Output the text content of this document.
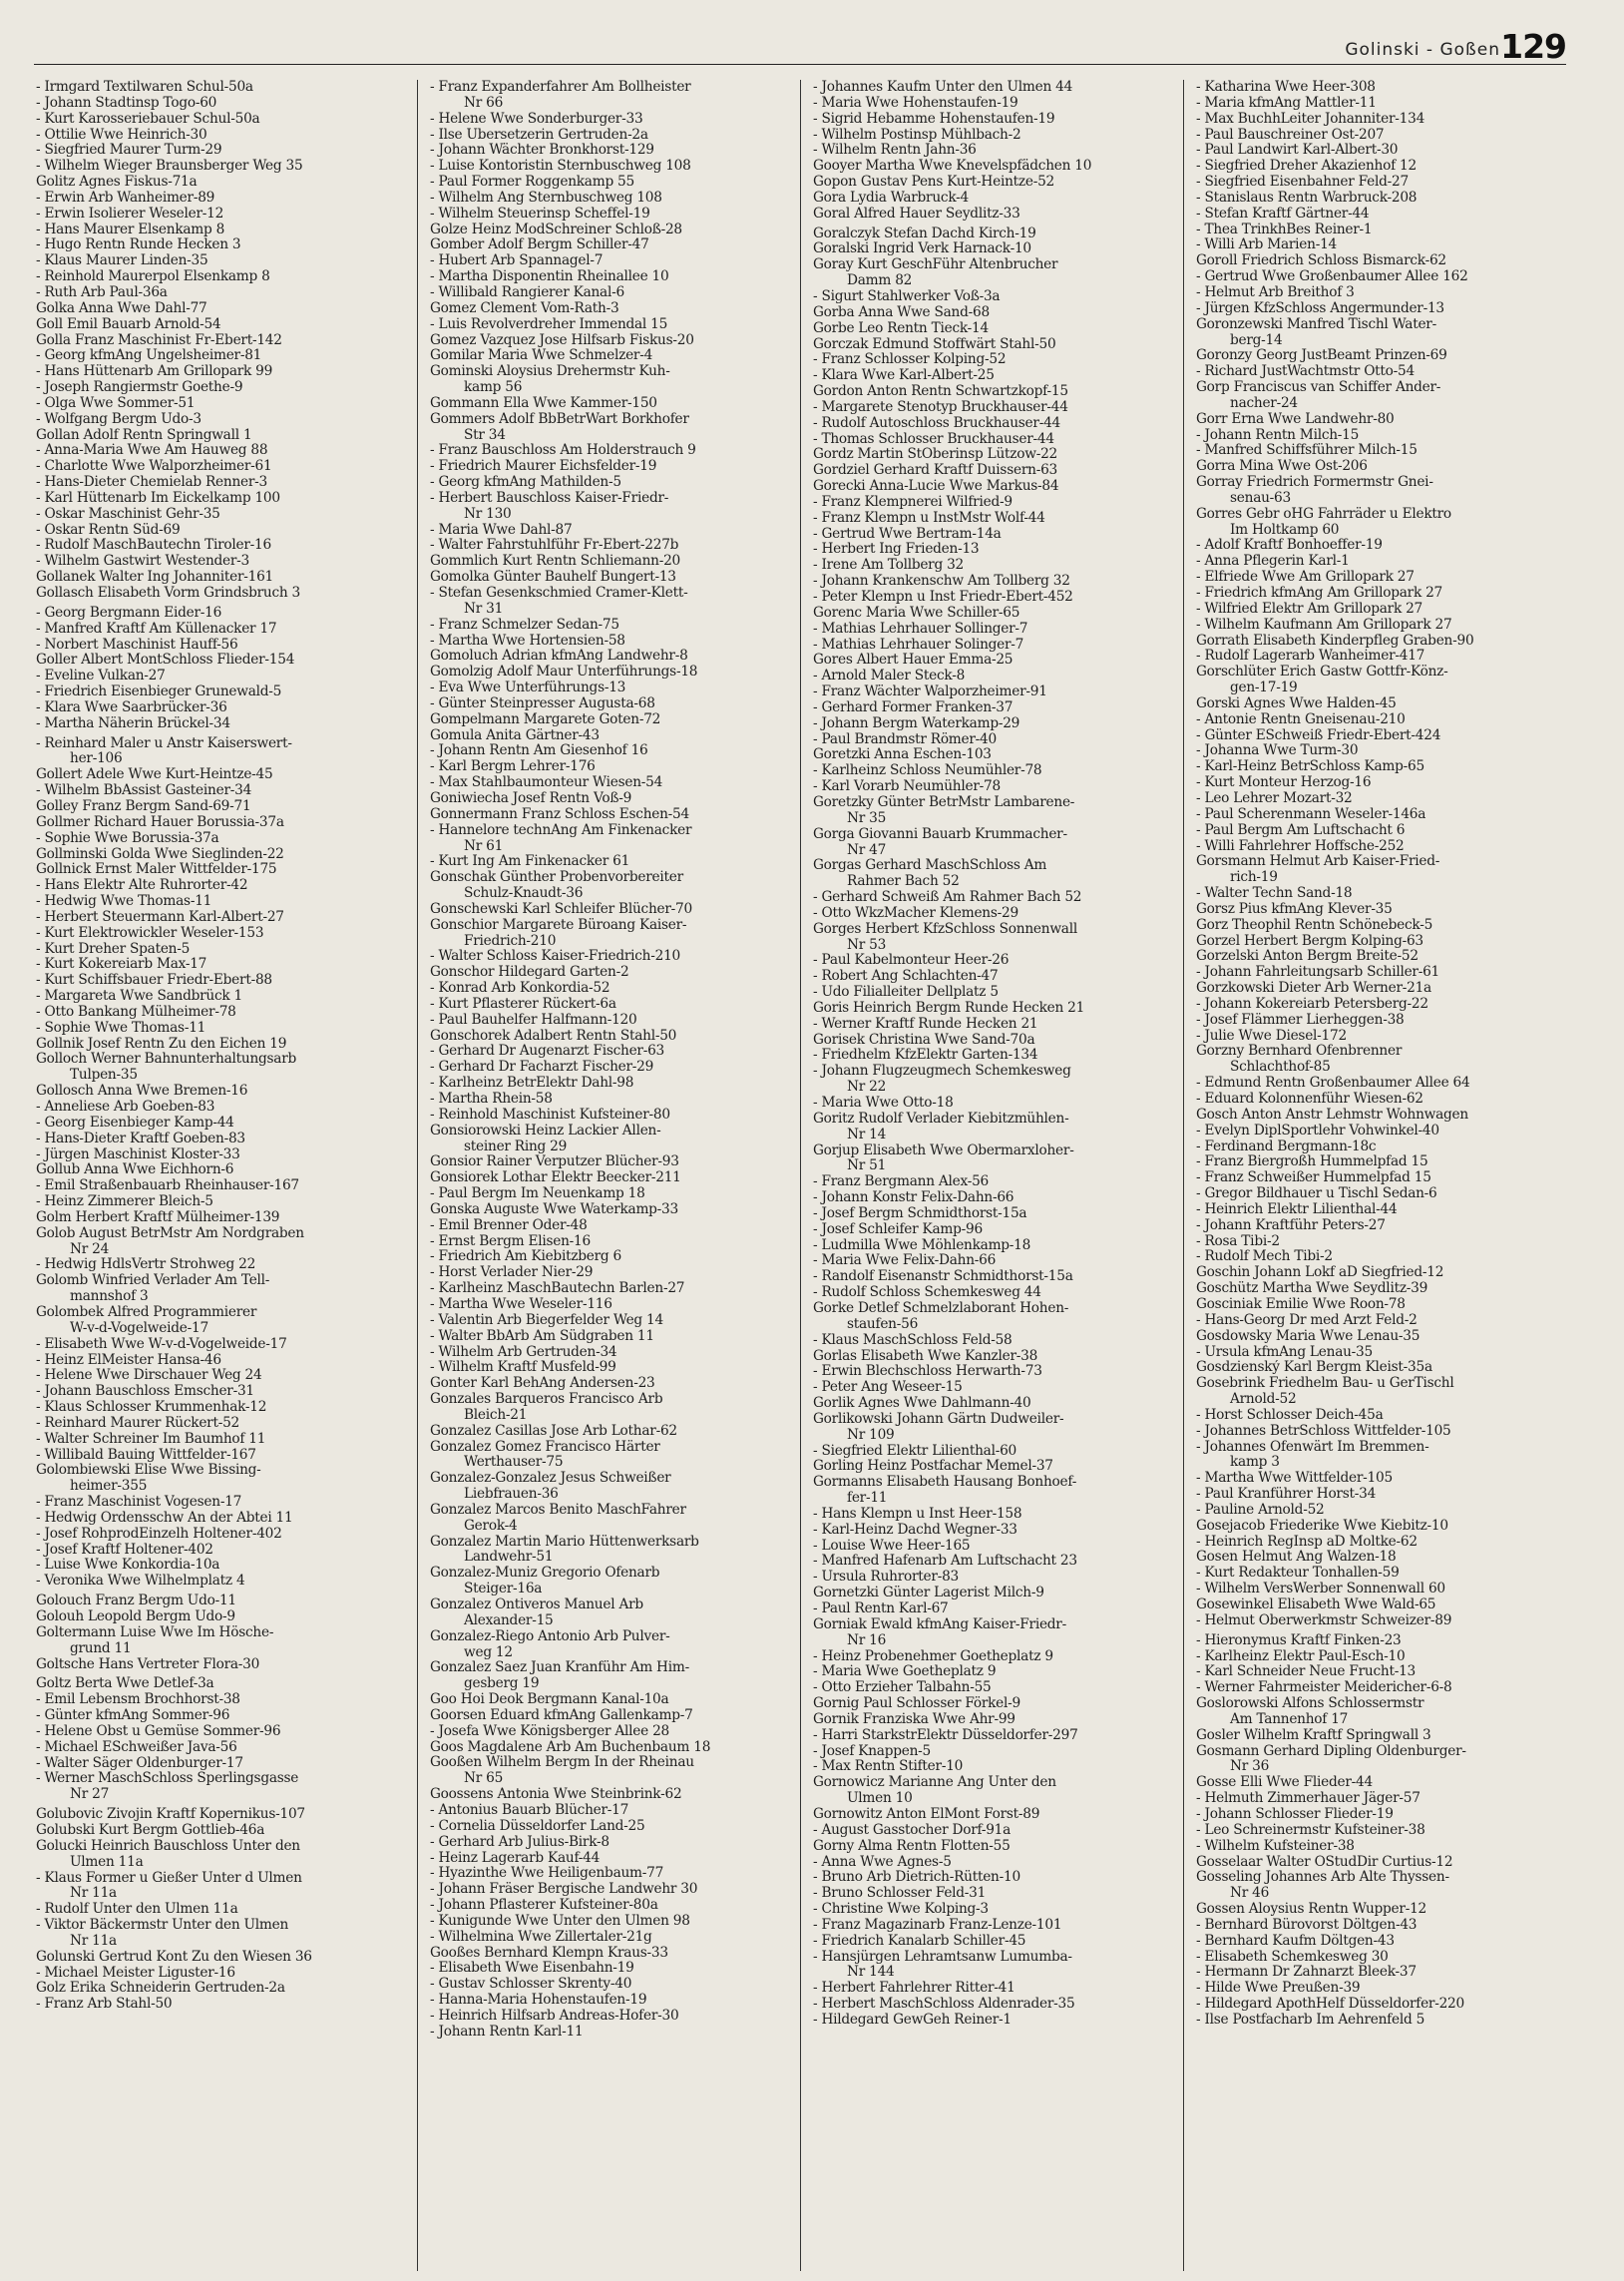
Golinski - Goßen 129
- Irmgard Textilwaren Schul-50a
- Johann Stadtinsp Togo-60
- Kurt Karosseriebauer Schul-50a
- Ottilie Wwe Heinrich-30
- Siegfried Maurer Turm-29
- Wilhelm Wieger Braunsberger Weg 35
Golitz Agnes Fiskus-71a
- Erwin Arb Wanheimer-89
- Erwin Isolierer Weseler-12
- Hans Maurer Elsenkamp 8
- Hugo Rentn Runde Hecken 3
- Klaus Maurer Linden-35
- Reinhold Maurerpol Elsenkamp 8
- Ruth Arb Paul-36a
Golka Anna Wwe Dahl-77
Goll Emil Bauarb Arnold-54
Golla Franz Maschinist Fr-Ebert-142
- Georg kfmAng Ungelsheimer-81
- Hans Hüttenarb Am Grillopark 99
- Joseph Rangiermstr Goethe-9
- Olga Wwe Sommer-51
- Wolfgang Bergm Udo-3
Gollan Adolf Rentn Springwall 1
- Anna-Maria Wwe Am Hauweg 88
- Charlotte Wwe Walporzheimer-61
- Hans-Dieter Chemielab Renner-3
- Karl Hüttenarb Im Eickelkamp 100
- Oskar Maschinist Gehr-35
- Oskar Rentn Süd-69
- Rudolf MaschBautechn Tiroler-16
- Wilhelm Gastwirt Westender-3
Gollanek Walter Ing Johanniter-161
Gollasch Elisabeth Vorm Grindsbruch 3
- Georg Bergmann Eider-16
- Manfred Kraftf Am Küllenacker 17
- Norbert Maschinist Hauff-56
Goller Albert MontSchloss Flieder-154
- Eveline Vulkan-27
- Friedrich Eisenbieger Grunewald-5
- Klara Wwe Saarbrücker-36
- Martha Näherin Brückel-34
- Reinhard Maler u Anstr Kaiserswert-
her-106
Gollert Adele Wwe Kurt-Heintze-45
- Wilhelm BbAssist Gasteiner-34
Golley Franz Bergm Sand-69-71
Gollmer Richard Hauer Borussia-37a
- Sophie Wwe Borussia-37a
Gollminski Golda Wwe Sieglinden-22
Gollnick Ernst Maler Wittfelder-175
- Hans Elektr Alte Ruhrorter-42
- Hedwig Wwe Thomas-11
- Herbert Steuermann Karl-Albert-27
- Kurt Elektrowickler Weseler-153
- Kurt Dreher Spaten-5
- Kurt Kokereiarb Max-17
- Kurt Schiffsbauer Friedr-Ebert-88
- Margareta Wwe Sandbrück 1
- Otto Bankang Mülheimer-78
- Sophie Wwe Thomas-11
Gollnik Josef Rentn Zu den Eichen 19
Golloch Werner Bahnunterhaltungsarb
Tulpen-35
Gollosch Anna Wwe Bremen-16
- Anneliese Arb Goeben-83
- Georg Eisenbieger Kamp-44
- Hans-Dieter Kraftf Goeben-83
- Jürgen Maschinist Kloster-33
Gollub Anna Wwe Eichhorn-6
- Emil Straßenbauarb Rheinhauser-167
- Heinz Zimmerer Bleich-5
Golm Herbert Kraftf Mülheimer-139
Golob August BetrMstr Am Nordgraben
Nr 24
- Hedwig HdlsVertr Strohweg 22
Golomb Winfried Verlader Am Tell-
mannshof 3
Golombek Alfred Programmierer
W-v-d-Vogelweide-17
- Elisabeth Wwe W-v-d-Vogelweide-17
- Heinz ElMeister Hansa-46
- Helene Wwe Dirschauer Weg 24
- Johann Bauschloss Emscher-31
- Klaus Schlosser Krummenhak-12
- Reinhard Maurer Rückert-52
- Walter Schreiner Im Baumhof 11
- Willibald Bauing Wittfelder-167
Golombiewski Elise Wwe Bissing-
heimer-355
- Franz Maschinist Vogesen-17
- Hedwig Ordensschw An der Abtei 11
- Josef RohprodEinzelh Holtener-402
- Josef Kraftf Holtener-402
- Luise Wwe Konkordia-10a
- Veronika Wwe Wilhelmplatz 4
Golouch Franz Bergm Udo-11
Golouh Leopold Bergm Udo-9
Goltermann Luise Wwe Im Hösche-
grund 11
Goltsche Hans Vertreter Flora-30
Goltz Berta Wwe Detlef-3a
- Emil Lebensm Brochhorst-38
- Günter kfmAng Sommer-96
- Helene Obst u Gemüse Sommer-96
- Michael ESchweißer Java-56
- Walter Säger Oldenburger-17
- Werner MaschSchloss Sperlingsgasse
Nr 27
Golubovic Zivojin Kraftf Kopernikus-107
Golubski Kurt Bergm Gottlieb-46a
Golucki Heinrich Bauschloss Unter den
Ulmen 11a
- Klaus Former u Gießer Unter d Ulmen
Nr 11a
- Rudolf Unter den Ulmen 11a
- Viktor Bäckermstr Unter den Ulmen
Nr 11a
Golunski Gertrud Kont Zu den Wiesen 36
- Michael Meister Liguster-16
Golz Erika Schneiderin Gertruden-2a
- Franz Arb Stahl-50
- Franz Expanderfahrer Am Bollheister
Nr 66
- Helene Wwe Sonderburger-33
- Ilse Übersetzerin Gertruden-2a
- Johann Wächter Bronkhorst-129
- Luise Kontoristin Sternbuschweg 108
- Paul Former Roggenkamp 55
- Wilhelm Ang Sternbuschweg 108
- Wilhelm Steuerinsp Scheffel-19
Golze Heinz ModSchreiner Schloß-28
Gomber Adolf Bergm Schiller-47
- Hubert Arb Spannagel-7
- Martha Disponentin Rheinallee 10
- Willibald Rangierer Kanal-6
Gomez Clement Vom-Rath-3
- Luis Revolverdreher Immendal 15
Gomez Vazquez Jose Hilfsarb Fiskus-20
Gomilar Maria Wwe Schmelzer-4
Gominski Aloysius Drehermstr Kuh-
kamp 56
Gommann Ella Wwe Kammer-150
Gommers Adolf BbBetrWart Borkhofer
Str 34
- Franz Bauschloss Am Holderstrauch 9
- Friedrich Maurer Eichsfelder-19
- Georg kfmAng Mathilden-5
- Herbert Bauschloss Kaiser-Friedr-
Nr 130
- Maria Wwe Dahl-87
- Walter Fahrstuhlführ Fr-Ebert-227b
Gommlich Kurt Rentn Schliemann-20
Gomolka Günter Bauhelf Bungert-13
- Stefan Gesenkschmied Cramer-Klett-
Nr 31
- Franz Schmelzer Sedan-75
- Martha Wwe Hortensien-58
Gomoluch Adrian kfmAng Landwehr-8
Gomolzig Adolf Maur Unterführungs-18
- Eva Wwe Unterführungs-13
- Günter Steinpresser Augusta-68
Gompelmann Margarete Goten-72
Gomula Anita Gärtner-43
- Johann Rentn Am Giesenhof 16
- Karl Bergm Lehrer-176
- Max Stahlbaumonteur Wiesen-54
Goniwiecha Josef Rentn Voß-9
Gonnermann Franz Schloss Eschen-54
- Hannelore technAng Am Finkenacker
Nr 61
- Kurt Ing Am Finkenacker 61
Gonschak Günther Probenvorbereiter
Schulz-Knaudt-36
Gonschewski Karl Schleifer Blücher-70
Gonschior Margarete Büroang Kaiser-
Friedrich-210
- Walter Schloss Kaiser-Friedrich-210
Gonschor Hildegard Garten-2
- Konrad Arb Konkordia-52
- Kurt Pflasterer Rückert-6a
- Paul Bauhelfer Halfmann-120
Gonschorek Adalbert Rentn Stahl-50
- Gerhard Dr Augenarzt Fischer-63
- Gerhard Dr Facharzt Fischer-29
- Karlheinz BetrElektr Dahl-98
- Martha Rhein-58
- Reinhold Maschinist Kufsteiner-80
Gonsiorowski Heinz Lackier Allen-
steiner Ring 29
Gonsior Rainer Verputzer Blücher-93
Gonsiorek Lothar Elektr Beecker-211
- Paul Bergm Im Neuenkamp 18
Gonska Auguste Wwe Waterkamp-33
- Emil Brenner Oder-48
- Ernst Bergm Elisen-16
- Friedrich Am Kiebitzberg 6
- Horst Verlader Nier-29
- Karlheinz MaschBautechn Barlen-27
- Martha Wwe Weseler-116
- Valentin Arb Biegerfelder Weg 14
- Walter BbArb Am Südgraben 11
- Wilhelm Arb Gertruden-34
- Wilhelm Kraftf Musfeld-99
Gonter Karl BehAng Andersen-23
Gonzales Barqueros Francisco Arb
Bleich-21
Gonzalez Casillas Jose Arb Lothar-62
Gonzalez Gomez Francisco Härter
Werthauser-75
Gonzalez-Gonzalez Jesus Schweißer
Liebfrauen-36
Gonzalez Marcos Benito MaschFahrer
Gerok-4
Gonzalez Martin Mario Hüttenwerksarb
Landwehr-51
Gonzalez-Muniz Gregorio Ofenarb
Steiger-16a
Gonzalez Ontiveros Manuel Arb
Alexander-15
Gonzalez-Riego Antonio Arb Pulver-
weg 12
Gonzalez Saez Juan Kranführ Am Him-
gesberg 19
Goo Hoi Deok Bergmann Kanal-10a
Goorsen Eduard kfmAng Gallenkamp-7
- Josefa Wwe Königsberger Allee 28
Goos Magdalene Arb Am Buchenbaum 18
Gooßen Wilhelm Bergm In der Rheinau
Nr 65
Goossens Antonia Wwe Steinbrink-62
- Antonius Bauarb Blücher-17
- Cornelia Düsseldorfer Land-25
- Gerhard Arb Julius-Birk-8
- Heinz Lagerarb Kauf-44
- Hyazinthe Wwe Heiligenbaum-77
- Johann Fräser Bergische Landwehr 30
- Johann Pflasterer Kufsteiner-80a
- Kunigunde Wwe Unter den Ulmen 98
- Wilhelmina Wwe Zillertaler-21g
Gooßes Bernhard Klempn Kraus-33
- Elisabeth Wwe Eisenbahn-19
- Gustav Schlosser Skrenty-40
- Hanna-Maria Hohenstaufen-19
- Heinrich Hilfsarb Andreas-Hofer-30
- Johann Rentn Karl-11
- Johannes Kaufm Unter den Ulmen 44
- Maria Wwe Hohenstaufen-19
- Sigrid Hebamme Hohenstaufen-19
- Wilhelm Postinsp Mühlbach-2
- Wilhelm Rentn Jahn-36
Gooyer Martha Wwe Knevelspfädchen 10
Gopon Gustav Pens Kurt-Heintze-52
Gora Lydia Warbruck-4
Goral Alfred Hauer Seydlitz-33
Goralczyk Stefan Dachd Kirch-19
Goralski Ingrid Verk Harnack-10
Goray Kurt GeschFühr Altenbrucher
Damm 82
- Sigurt Stahlwerker Voß-3a
Gorba Anna Wwe Sand-68
Gorbe Leo Rentn Tieck-14
Gorczak Edmund Stoffwärt Stahl-50
- Franz Schlosser Kolping-52
- Klara Wwe Karl-Albert-25
Gordon Anton Rentn Schwartzkopf-15
- Margarete Stenotyp Bruckhauser-44
- Rudolf Autoschloss Bruckhauser-44
- Thomas Schlosser Bruckhauser-44
Gordz Martin StOberinsp Lützow-22
Gordziel Gerhard Kraftf Duissern-63
Gorecki Anna-Lucie Wwe Markus-84
- Franz Klempnerei Wilfried-9
- Franz Klempn u InstMstr Wolf-44
- Gertrud Wwe Bertram-14a
- Herbert Ing Frieden-13
- Irene Am Tollberg 32
- Johann Krankenschw Am Tollberg 32
- Peter Klempn u Inst Friedr-Ebert-452
Gorenc Maria Wwe Schiller-65
- Mathias Lehrhauer Sollinger-7
- Mathias Lehrhauer Solinger-7
Gores Albert Hauer Emma-25
- Arnold Maler Steck-8
- Franz Wächter Walporzheimer-91
- Gerhard Former Franken-37
- Johann Bergm Waterkamp-29
- Paul Brandmstr Römer-40
Goretzki Anna Eschen-103
- Karlheinz Schloss Neumühler-78
- Karl Vorarb Neumühler-78
Goretzky Günter BetrMstr Lambarene-
Nr 35
Gorga Giovanni Bauarb Krummacher-
Nr 47
Gorgas Gerhard MaschSchloss Am
Rahmer Bach 52
- Gerhard Schweiß Am Rahmer Bach 52
- Otto WkzMacher Klemens-29
Gorges Herbert KfzSchloss Sonnenwall
Nr 53
- Paul Kabelmonteur Heer-26
- Robert Ang Schlachten-47
- Udo Filialleiter Dellplatz 5
Goris Heinrich Bergm Runde Hecken 21
- Werner Kraftf Runde Hecken 21
Gorisek Christina Wwe Sand-70a
- Friedhelm KfzElektr Garten-134
- Johann Flugzeugmech Schemkesweg
Nr 22
- Maria Wwe Otto-18
Goritz Rudolf Verlader Kiebitzmühlen-
Nr 14
Gorjup Elisabeth Wwe Obermarxloher-
Nr 51
- Franz Bergmann Alex-56
- Johann Konstr Felix-Dahn-66
- Josef Bergm Schmidthorst-15a
- Josef Schleifer Kamp-96
- Ludmilla Wwe Möhlenkamp-18
- Maria Wwe Felix-Dahn-66
- Randolf Eisenanstr Schmidthorst-15a
- Rudolf Schloss Schemkesweg 44
Gorke Detlef Schmelzlaborant Hohen-
staufen-56
- Klaus MaschSchloss Feld-58
Gorlas Elisabeth Wwe Kanzler-38
- Erwin Blechschloss Herwarth-73
- Peter Ang Weseer-15
Gorlik Agnes Wwe Dahlmann-40
Gorlikowski Johann Gärtn Dudweiler-
Nr 109
- Siegfried Elektr Lilienthal-60
Gorling Heinz Postfachar Memel-37
Gormanns Elisabeth Hausang Bonhoef-
fer-11
- Hans Klempn u Inst Heer-158
- Karl-Heinz Dachd Wegner-33
- Louise Wwe Heer-165
- Manfred Hafenarb Am Luftschacht 23
- Ursula Ruhrorter-83
Gornetzki Günter Lagerist Milch-9
- Paul Rentn Karl-67
Gorniak Ewald kfmAng Kaiser-Friedr-
Nr 16
- Heinz Probenehmer Goetheplatz 9
- Maria Wwe Goetheplatz 9
- Otto Erzieher Talbahn-55
Gornig Paul Schlosser Förkel-9
Gornik Franziska Wwe Ahr-99
- Harri StarkstrElektr Düsseldorfer-297
- Josef Knappen-5
- Max Rentn Stifter-10
Gornowicz Marianne Ang Unter den
Ulmen 10
Gornowitz Anton ElMont Forst-89
- August Gasstocher Dorf-91a
Gorny Alma Rentn Flotten-55
- Anna Wwe Agnes-5
- Bruno Arb Dietrich-Rütten-10
- Bruno Schlosser Feld-31
- Christine Wwe Kolping-3
- Franz Magazinarb Franz-Lenze-101
- Friedrich Kanalarb Schiller-45
- Hansjürgen Lehramtsanw Lumumba-
Nr 144
- Herbert Fahrlehrer Ritter-41
- Herbert MaschSchloss Aldenrader-35
- Hildegard GewGeh Reiner-1
- Katharina Wwe Heer-308
- Maria kfmAng Mattler-11
- Max BuchhLeiter Johanniter-134
- Paul Bauschreiner Ost-207
- Paul Landwirt Karl-Albert-30
- Siegfried Dreher Akazienhof 12
- Siegfried Eisenbahner Feld-27
- Stanislaus Rentn Warbruck-208
- Stefan Kraftf Gärtner-44
- Thea TrinkhBes Reiner-1
- Willi Arb Marien-14
Goroll Friedrich Schloss Bismarck-62
- Gertrud Wwe Großenbaumer Allee 162
- Helmut Arb Breithof 3
- Jürgen KfzSchloss Angermunder-13
Goronzewski Manfred Tischl Water-
berg-14
Goronzy Georg JustBeamt Prinzen-69
- Richard JustWachtmstr Otto-54
Gorp Franciscus van Schiffer Ander-
nacher-24
Gorr Erna Wwe Landwehr-80
- Johann Rentn Milch-15
- Manfred Schiffsführer Milch-15
Gorra Mina Wwe Ost-206
Gorray Friedrich Formermstr Gnei-
senau-63
Gorres Gebr oHG Fahrräder u Elektro
Im Holtkamp 60
- Adolf Kraftf Bonhoeffer-19
- Anna Pflegerin Karl-1
- Elfriede Wwe Am Grillopark 27
- Friedrich kfmAng Am Grillopark 27
- Wilfried Elektr Am Grillopark 27
- Wilhelm Kaufmann Am Grillopark 27
Gorrath Elisabeth Kinderpfleg Graben-90
- Rudolf Lagerarb Wanheimer-417
Gorschlüter Erich Gastw Gottfr-Könz-
gen-17-19
Gorski Agnes Wwe Halden-45
- Antonie Rentn Gneisenau-210
- Günter ESchweiß Friedr-Ebert-424
- Johanna Wwe Turm-30
- Karl-Heinz BetrSchloss Kamp-65
- Kurt Monteur Herzog-16
- Leo Lehrer Mozart-32
- Paul Scherenmann Weseler-146a
- Paul Bergm Am Luftschacht 6
- Willi Fahrlehrer Hoffsche-252
Gorsmann Helmut Arb Kaiser-Fried-
rich-19
- Walter Techn Sand-18
Gorsz Pius kfmAng Klever-35
Gorz Theophil Rentn Schönebeck-5
Gorzel Herbert Bergm Kolping-63
Gorzelski Anton Bergm Breite-52
- Johann Fahrleitungsarb Schiller-61
Gorzkowski Dieter Arb Werner-21a
- Johann Kokereiarb Petersberg-22
- Josef Flämmer Lierheggen-38
- Julie Wwe Diesel-172
Gorzny Bernhard Ofenbrenner
Schlachthof-85
- Edmund Rentn Großenbaumer Allee 64
- Eduard Kolonnenführ Wiesen-62
Gosch Anton Anstr Lehmstr Wohnwagen
- Evelyn DiplSportlehr Vohwinkel-40
- Ferdinand Bergmann-18c
- Franz Biergroßh Hummelpfad 15
- Franz Schweißer Hummelpfad 15
- Gregor Bildhauer u Tischl Sedan-6
- Heinrich Elektr Lilienthal-44
- Johann Kraftführ Peters-27
- Rosa Tibi-2
- Rudolf Mech Tibi-2
Goschin Johann Lokf aD Siegfried-12
Goschütz Martha Wwe Seydlitz-39
Gosciniak Emilie Wwe Roon-78
- Hans-Georg Dr med Arzt Feld-2
Gosdowsky Maria Wwe Lenau-35
- Ursula kfmAng Lenau-35
Gosdzienský Karl Bergm Kleist-35a
Gosebrink Friedhelm Bau- u GerTischl
Arnold-52
- Horst Schlosser Deich-45a
- Johannes BetrSchloss Wittfelder-105
- Johannes Ofenwärt Im Bremmen-
kamp 3
- Martha Wwe Wittfelder-105
- Paul Kranführer Horst-34
- Pauline Arnold-52
Gosejacob Friederike Wwe Kiebitz-10
- Heinrich RegInsp aD Moltke-62
Gosen Helmut Ang Walzen-18
- Kurt Redakteur Tonhallen-59
- Wilhelm VersWerber Sonnenwall 60
Gosewinkel Elisabeth Wwe Wald-65
- Helmut Oberwerkmstr Schweizer-89
- Hieronymus Kraftf Finken-23
- Karlheinz Elektr Paul-Esch-10
- Karl Schneider Neue Frucht-13
- Werner Fahrmeister Meidericher-6-8
Goslorowski Alfons Schlossermstr
Am Tannenhof 17
Gosler Wilhelm Kraftf Springwall 3
Gosmann Gerhard Dipling Oldenburger-
Nr 36
Gosse Elli Wwe Flieder-44
- Helmuth Zimmerhauer Jäger-57
- Johann Schlosser Flieder-19
- Leo Schreinermstr Kufsteiner-38
- Wilhelm Kufsteiner-38
Gosselaar Walter OStudDir Curtius-12
Gosseling Johannes Arb Alte Thyssen-
Nr 46
Gossen Aloysius Rentn Wupper-12
- Bernhard Bürovorst Döltgen-43
- Bernhard Kaufm Döltgen-43
- Elisabeth Schemkesweg 30
- Hermann Dr Zahnarzt Bleek-37
- Hilde Wwe Preußen-39
- Hildegard ApothHelf Düsseldorfer-220
- Ilse Postfacharb Im Aehrenfeld 5
